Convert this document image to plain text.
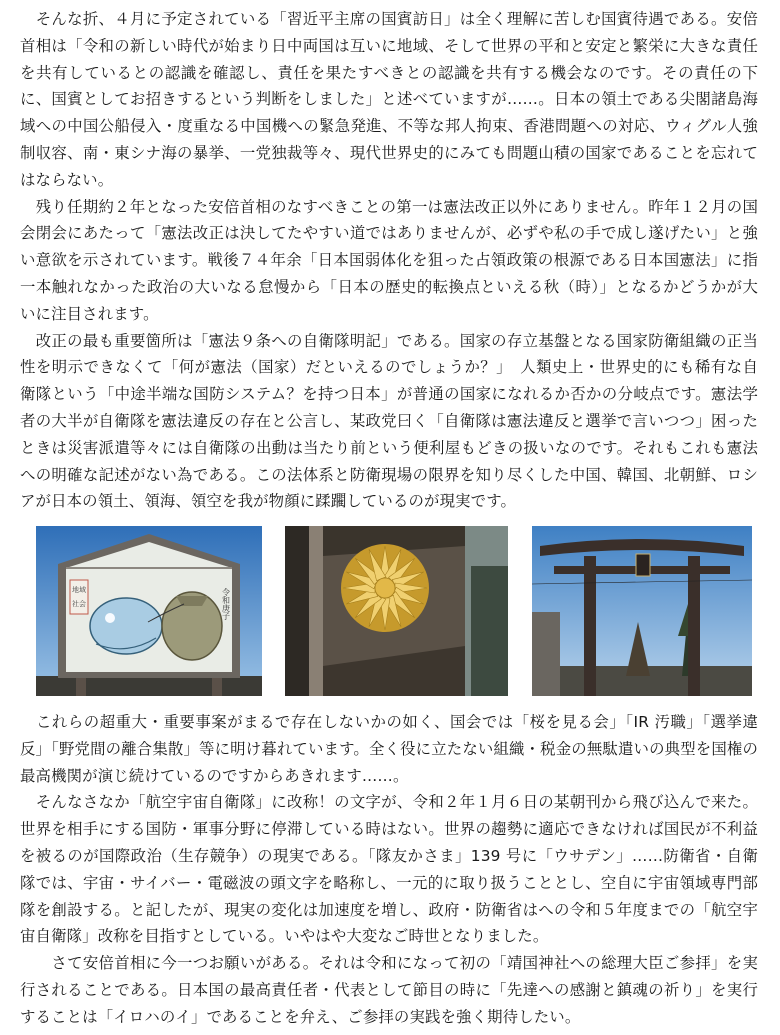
　そんな折、４月に予定されている「習近平主席の国賓訪日」は全く理解に苦しむ国賓待遇である。安倍首相は「令和の新しい時代が始まり日中両国は互いに地域、そして世界の平和と安定と繁栄に大きな責任を共有しているとの認識を確認し、責任を果たすべきとの認識を共有する機会なのです。その責任の下に、国賓としてお招きするという判断をしました」と述べていますが……。日本の領土である尖閣諸島海域への中国公船侵入・度重なる中国機への緊急発進、不等な邦人拘束、香港問題への対応、ウィグル人強制収容、南・東シナ海の暴挙、一党独裁等々、現代世界史的にみても問題山積の国家であることを忘れてはならない。

　残り任期約２年となった安倍首相のなすべきことの第一は憲法改正以外にありません。昨年１２月の国会閉会にあたって「憲法改正は決してたやすい道ではありませんが、必ずや私の手で成し遂げたい」と強い意欲を示されています。戦後７４年余「日本国弱体化を狙った占領政策の根源である日本国憲法」に指一本触れなかった政治の大いなる怠慢から「日本の歴史的転換点といえる秋（時）」となるかどうかが大いに注目されます。

　改正の最も重要箇所は「憲法９条への自衛隊明記」である。国家の存立基盤となる国家防衛組織の正当性を明示できなくて「何が憲法（国家）だといえるのでしょうか？」　人類史上・世界史的にも稀有な自衛隊という「中途半端な国防システム？を持つ日本」が普通の国家になれるか否かの分岐点です。憲法学者の大半が自衛隊を憲法違反の存在と公言し、某政党曰く「自衛隊は憲法違反と選挙で言いつつ」困ったときは災害派遣等々には自衛隊の出動は当たり前という便利屋もどきの扱いなのです。それもこれも憲法への明確な記述がない為である。この法体系と防衛現場の限界を知り尽くした中国、韓国、北朝鮮、ロシアが日本の領土、領海、領空を我が物顔に蹂躙しているのが現実です。

地域
社会	令和庚子

　これらの超重大・重要事案がまるで存在しないかの如く、国会では「桜を見る会」「IR 汚職」「選挙違反」「野党間の離合集散」等に明け暮れています。全く役に立たない組織・税金の無駄遣いの典型を国権の最高機関が演じ続けているのですからあきれます……。

　そんなさなか「航空宇宙自衛隊」に改称！の文字が、令和２年１月６日の某朝刊から飛び込んで来た。世界を相手にする国防・軍事分野に停滞している時はない。世界の趨勢に適応できなければ国民が不利益を被るのが国際政治（生存競争）の現実である。「隊友かさま」139 号に「ウサデン」……防衛省・自衛隊では、宇宙・サイバー・電磁波の頭文字を略称し、一元的に取り扱うこととし、空自に宇宙領域専門部隊を創設する。と記したが、現実の変化は加速度を増し、政府・防衛省はへの令和５年度までの「航空宇宙自衛隊」改称を目指すとしている。いやはや大変なご時世となりました。

　　さて安倍首相に今一つお願いがある。それは令和になって初の「靖国神社への総理大臣ご参拝」を実行されることである。日本国の最高責任者・代表として節目の時に「先達への感謝と鎮魂の祈り」を実行することは「イロハのイ」であることを弁え、ご参拝の実践を強く期待したい。
